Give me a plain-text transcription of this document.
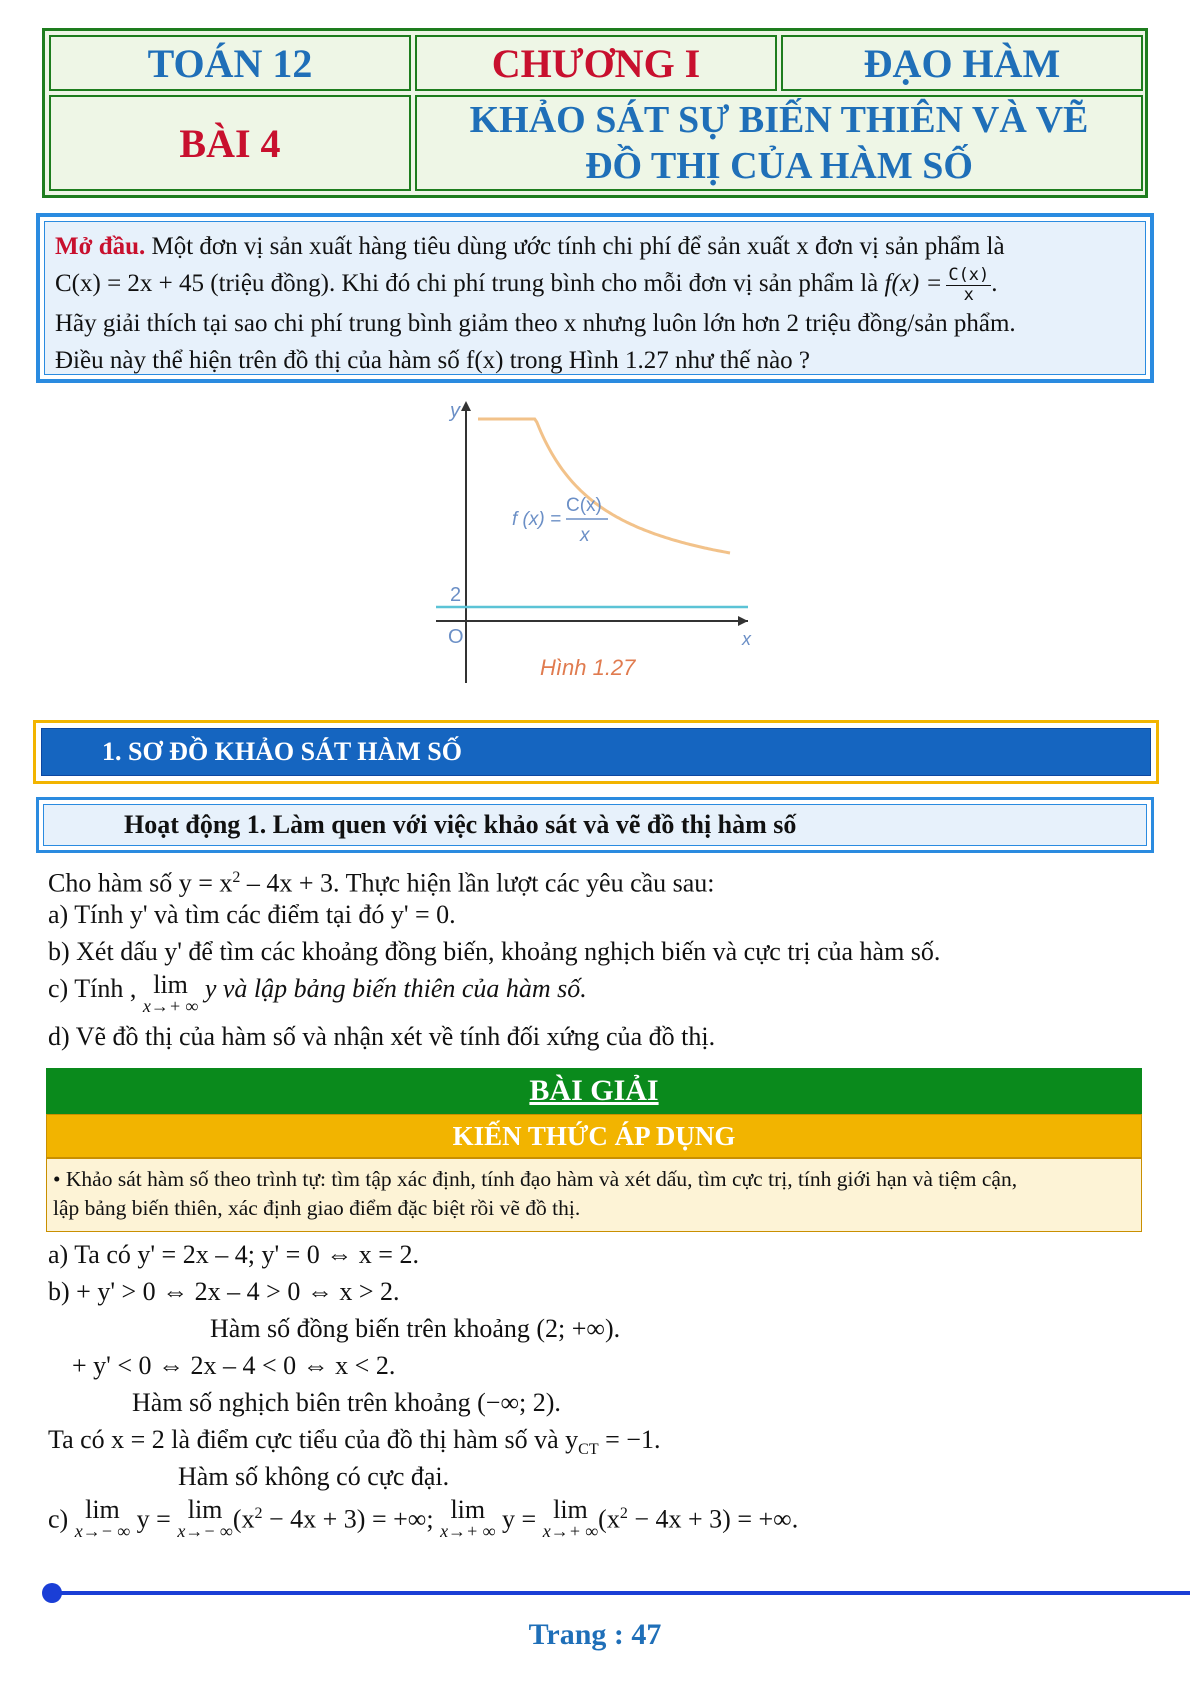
TOÁN 12	CHƯƠNG I	ĐẠO HÀM
BÀI 4
KHẢO SÁT SỰ BIẾN THIÊN VÀ VẼ
ĐỒ THỊ CỦA HÀM SỐ
Mở đầu. Một đơn vị sản xuất hàng tiêu dùng ước tính chi phí để sản xuất x đơn vị sản phẩm là
C(x) = 2x + 45 (triệu đồng). Khi đó chi phí trung bình cho mỗi đơn vị sản phẩm là $f(x) = \frac{C(x)}{x}$ .
Hãy giải thích tại sao chi phí trung bình giảm theo x nhưng luôn lớn hơn 2 triệu đồng/sản phẩm.
Điều này thể hiện trên đồ thị của hàm số f(x) trong Hình 1.27 như thế nào ?
y
x
O
2
f (x) =
C(x)
x
Hình 1.27
1. SƠ ĐỒ KHẢO SÁT HÀM SỐ
Hoạt động 1. Làm quen với việc khảo sát và vẽ đồ thị hàm số
Cho hàm số $y = x^2 - 4x + 3$. Thực hiện lần lượt các yêu cầu sau:
a) Tính y' và tìm các điểm tại đó y' = 0.
b) Xét dấu y' để tìm các khoảng đồng biến, khoảng nghịch biến và cực trị của hàm số.
c) Tính , lim
x→+ ∞
y và lập bảng biến thiên của hàm số.
d) Vẽ đồ thị của hàm số và nhận xét về tính đối xứng của đồ thị.
BÀI GIẢI
KIẾN THỨC ÁP DỤNG
• Khảo sát hàm số theo trình tự: tìm tập xác định, tính đạo hàm và xét dấu, tìm cực trị, tính giới hạn và tiệm cận,
lập bảng biến thiên, xác định giao điểm đặc biệt rồi vẽ đồ thị.
a) Ta có y' = 2x – 4; y' = 0 ⇔ x = 2.
b) + y' > 0 ⇔ 2x – 4 > 0 ⇔ x > 2.
Hàm số đồng biến trên khoảng (2; +∞).
+ y' < 0 ⇔ 2x – 4 < 0 ⇔ x < 2.
Hàm số nghịch biên trên khoảng (−∞; 2).
Ta có x = 2 là điểm cực tiểu của đồ thị hàm số và $y_{CT} = -1$.
Hàm số không có cực đại.
c) lim
x→− ∞ y = lim
x→− ∞ $(x^2 - 4x + 3)$ = +∞; lim
x→+ ∞ y = lim
x→+ ∞ $(x^2 - 4x + 3)$ = +∞.
Trang : 47
